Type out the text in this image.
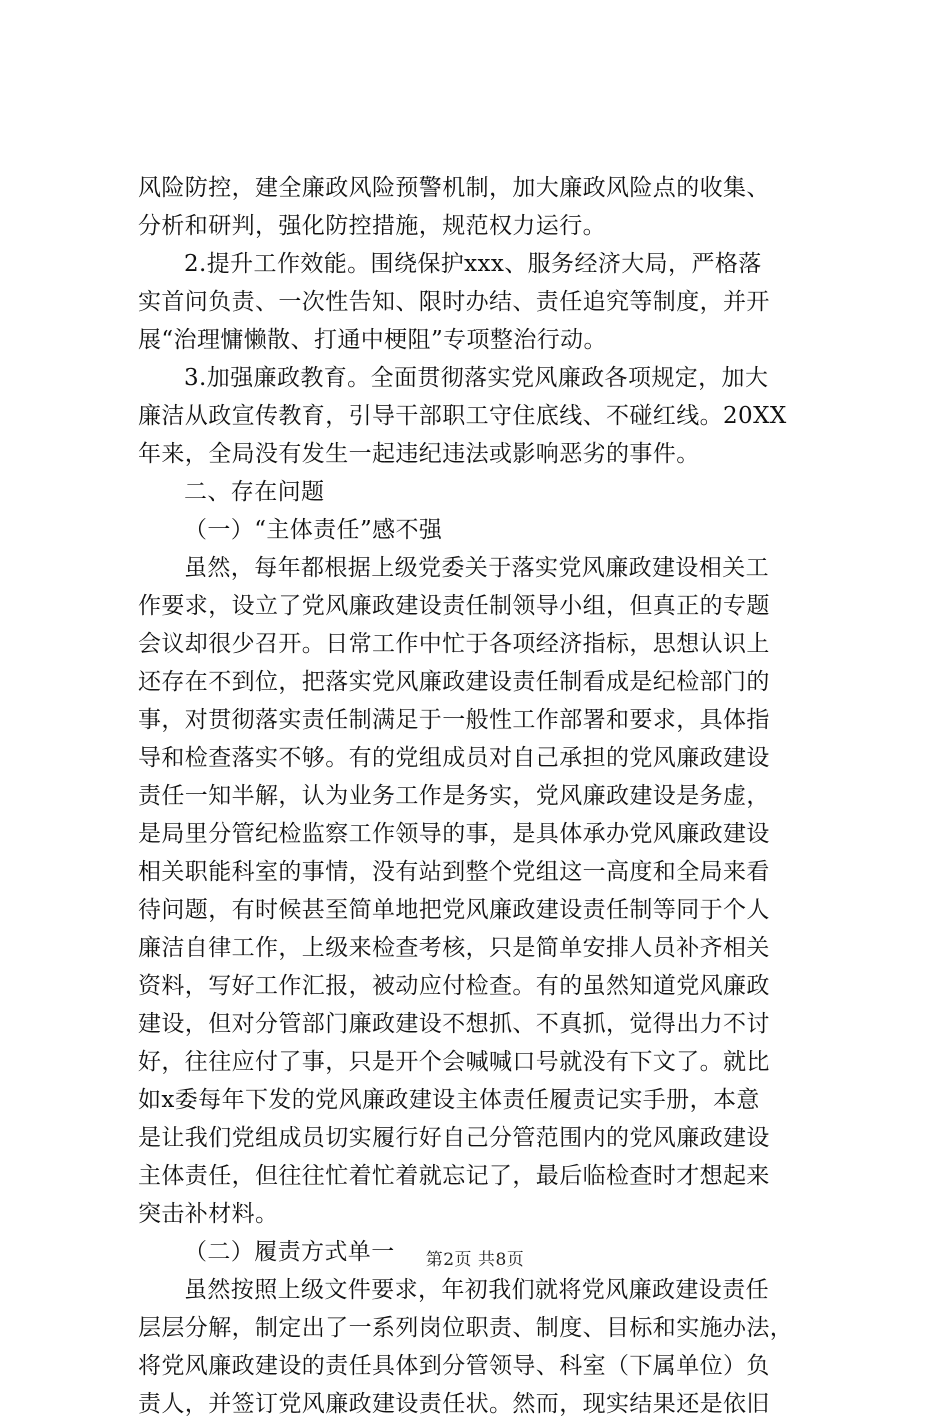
风险防控，建全廉政风险预警机制，加大廉政风险点的收集、
分析和研判，强化防控措施，规范权力运行。
2.提升工作效能。围绕保护xxx、服务经济大局，严格落
实首问负责、一次性告知、限时办结、责任追究等制度，并开
展“治理慵懒散、打通中梗阻”专项整治行动。
3.加强廉政教育。全面贯彻落实党风廉政各项规定，加大
廉洁从政宣传教育，引导干部职工守住底线、不碰红线。20XX
年来，全局没有发生一起违纪违法或影响恶劣的事件。
二、存在问题
（一）“主体责任”感不强
虽然，每年都根据上级党委关于落实党风廉政建设相关工
作要求，设立了党风廉政建设责任制领导小组，但真正的专题
会议却很少召开。日常工作中忙于各项经济指标，思想认识上
还存在不到位，把落实党风廉政建设责任制看成是纪检部门的
事，对贯彻落实责任制满足于一般性工作部署和要求，具体指
导和检查落实不够。有的党组成员对自己承担的党风廉政建设
责任一知半解，认为业务工作是务实，党风廉政建设是务虚，
是局里分管纪检监察工作领导的事，是具体承办党风廉政建设
相关职能科室的事情，没有站到整个党组这一高度和全局来看
待问题，有时候甚至简单地把党风廉政建设责任制等同于个人
廉洁自律工作，上级来检查考核，只是简单安排人员补齐相关
资料，写好工作汇报，被动应付检查。有的虽然知道党风廉政
建设，但对分管部门廉政建设不想抓、不真抓，觉得出力不讨
好，往往应付了事，只是开个会喊喊口号就没有下文了。就比
如x委每年下发的党风廉政建设主体责任履责记实手册，本意
是让我们党组成员切实履行好自己分管范围内的党风廉政建设
主体责任，但往往忙着忙着就忘记了，最后临检查时才想起来
突击补材料。
（二）履责方式单一
虽然按照上级文件要求，年初我们就将党风廉政建设责任
层层分解，制定出了一系列岗位职责、制度、目标和实施办法，
将党风廉政建设的责任具体到分管领导、科室（下属单位）负
责人，并签订党风廉政建设责任状。然而，现实结果还是依旧
第2页 共8页
